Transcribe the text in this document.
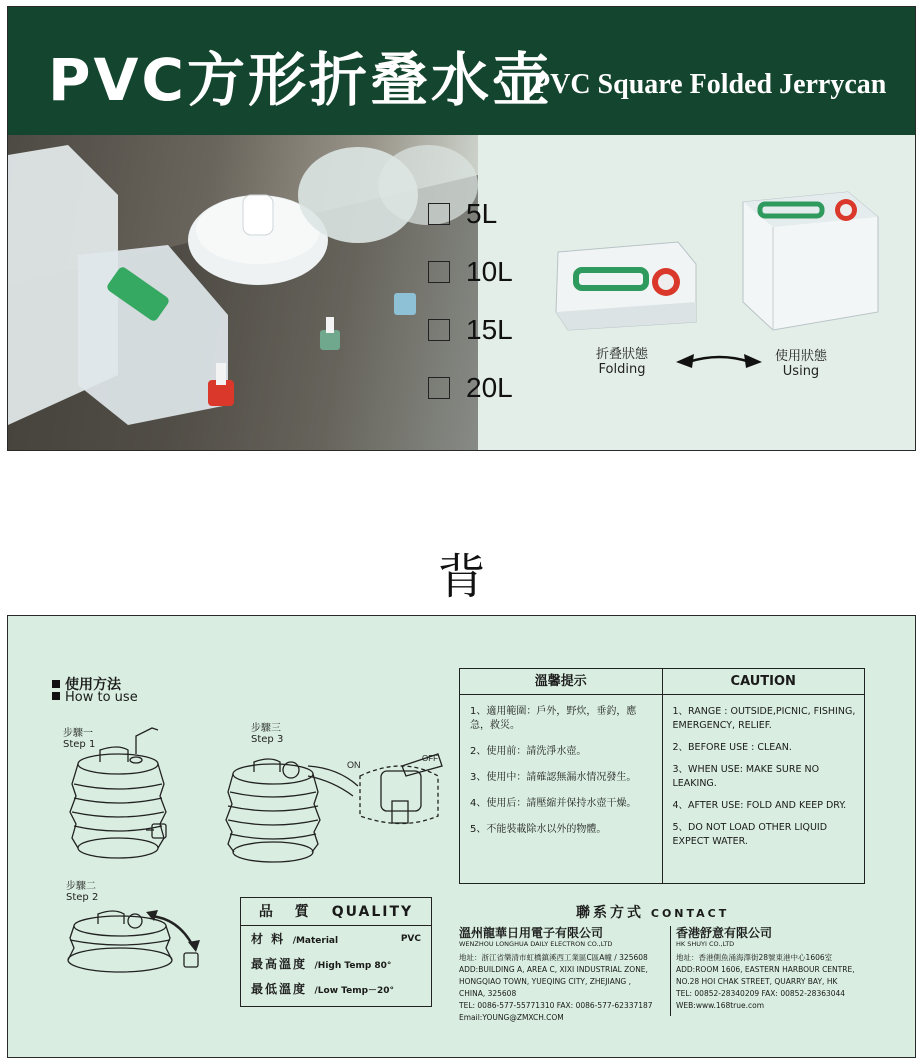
PVC方形折叠水壶
PVC Square Folded Jerrycan
5L
10L
15L
20L
折叠狀態
Folding
使用狀態
Using
背
使用方法
How to use
步驟一
Step 1
步驟三
Step 3
步驟二
Step 2
ON
OFF
品　質 QUALITY
材 料 /Material	PVC
最高溫度 /High Temp 80°
最低溫度 /Low Temp－20°
溫馨提示	CAUTION
1、適用範圍：戶外，野炊，垂釣，應急，救災。
2、使用前：請洗淨水壺。
3、使用中：請確認無漏水情况發生。
4、使用后：請壓縮并保持水壺干燥。
5、不能裝載除水以外的物體。
1、RANGE : OUTSIDE,PICNIC, FISHING, EMERGENCY, RELIEF.
2、BEFORE USE : CLEAN.
3、WHEN USE: MAKE SURE NO LEAKING.
4、AFTER USE: FOLD AND KEEP DRY.
5、DO NOT LOAD OTHER LIQUID EXPECT WATER.
聯系方式 CONTACT
溫州龍華日用電子有限公司
WENZHOU LONGHUA DAILY ELECTRON CO.,LTD
地址：浙江省樂清市虹橋鎮溪西工業區C區A幢 / 325608
ADD:BUILDING A, AREA C, XIXI INDUSTRIAL ZONE,
HONGQIAO TOWN, YUEQING CITY, ZHEJIANG ,
CHINA, 325608
TEL: 0086-577-55771310 FAX: 0086-577-62337187
Email:YOUNG@ZMXCH.COM
香港舒意有限公司
HK SHUYI CO.,LTD
地址：香港側魚涌海澤街28號東港中心1606室
ADD:ROOM 1606, EASTERN HARBOUR CENTRE,
NO.28 HOI CHAK STREET, QUARRY BAY, HK
TEL: 00852-28340209 FAX: 00852-28363044
WEB:www.168true.com
